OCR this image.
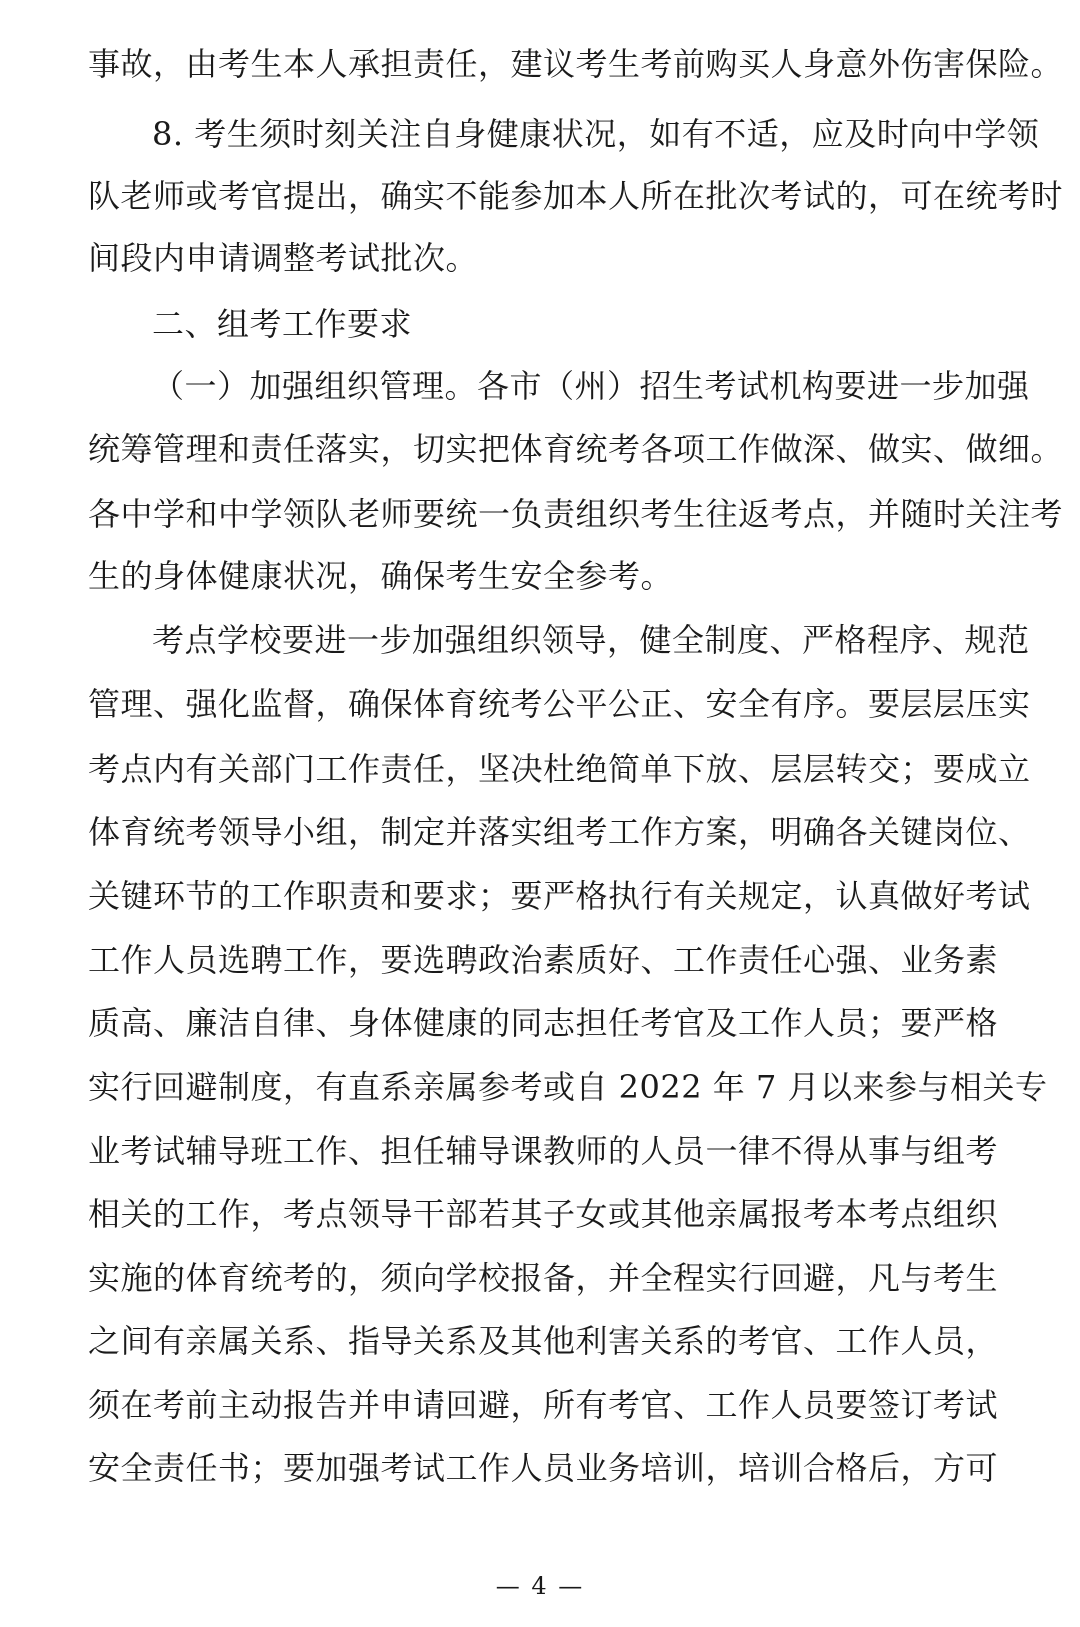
事故，由考生本人承担责任，建议考生考前购买人身意外伤害保险。
8. 考生须时刻关注自身健康状况，如有不适，应及时向中学领
队老师或考官提出，确实不能参加本人所在批次考试的，可在统考时
间段内申请调整考试批次。
二、组考工作要求
（一）加强组织管理。各市（州）招生考试机构要进一步加强
统筹管理和责任落实，切实把体育统考各项工作做深、做实、做细。
各中学和中学领队老师要统一负责组织考生往返考点，并随时关注考
生的身体健康状况，确保考生安全参考。
考点学校要进一步加强组织领导，健全制度、严格程序、规范
管理、强化监督，确保体育统考公平公正、安全有序。要层层压实
考点内有关部门工作责任，坚决杜绝简单下放、层层转交；要成立
体育统考领导小组，制定并落实组考工作方案，明确各关键岗位、
关键环节的工作职责和要求；要严格执行有关规定，认真做好考试
工作人员选聘工作，要选聘政治素质好、工作责任心强、业务素
质高、廉洁自律、身体健康的同志担任考官及工作人员；要严格
实行回避制度，有直系亲属参考或自 2022 年 7 月以来参与相关专
业考试辅导班工作、担任辅导课教师的人员一律不得从事与组考
相关的工作，考点领导干部若其子女或其他亲属报考本考点组织
实施的体育统考的，须向学校报备，并全程实行回避，凡与考生
之间有亲属关系、指导关系及其他利害关系的考官、工作人员，
须在考前主动报告并申请回避，所有考官、工作人员要签订考试
安全责任书；要加强考试工作人员业务培训，培训合格后，方可
— 4 —
